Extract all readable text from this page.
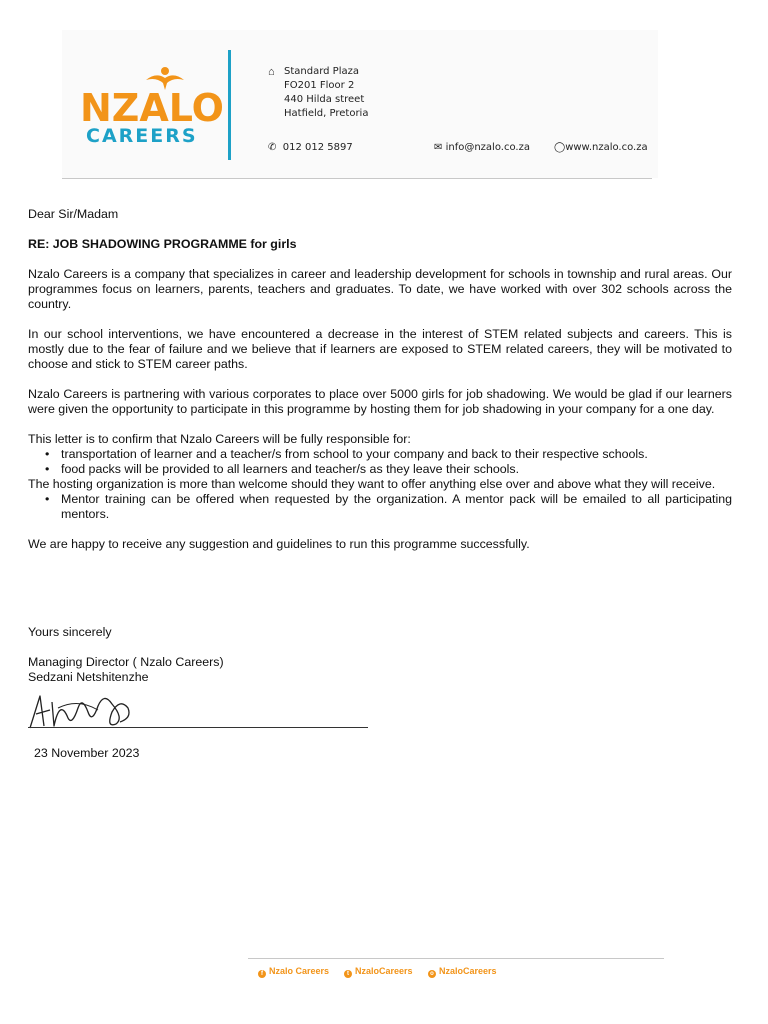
NZALO
CAREERS
⌂ Standard Plaza
FO201 Floor 2
440 Hilda street
Hatfield, Pretoria
✆ 012 012 5897	✉ info@nzalo.co.za ◯www.nzalo.co.za

Dear Sir/Madam

RE: JOB SHADOWING PROGRAMME for girls

Nzalo Careers is a company that specializes in career and leadership development for schools in township and rural areas. Our programmes focus on learners, parents, teachers and graduates. To date, we have worked with over 302 schools across the country.

In our school interventions, we have encountered a decrease in the interest of STEM related subjects and careers. This is mostly due to the fear of failure and we believe that if learners are exposed to STEM related careers, they will be motivated to choose and stick to STEM career paths.

Nzalo Careers is partnering with various corporates to place over 5000 girls for job shadowing. We would be glad if our learners were given the opportunity to participate in this programme by hosting them for job shadowing in your company for a one day.

This letter is to confirm that Nzalo Careers will be fully responsible for:

• transportation of learner and a teacher/s from school to your company and back to their respective schools.
• food packs will be provided to all learners and teacher/s as they leave their schools.

The hosting organization is more than welcome should they want to offer anything else over and above what they will receive.

• Mentor training can be offered when requested by the organization. A mentor pack will be emailed to all participating mentors.

We are happy to receive any suggestion and guidelines to run this programme successfully.

Yours sincerely
Managing Director ( Nzalo Careers)
Sedzani Netshitenzhe
23 November 2023
f Nzalo Careers	t NzaloCareers	o NzaloCareers
